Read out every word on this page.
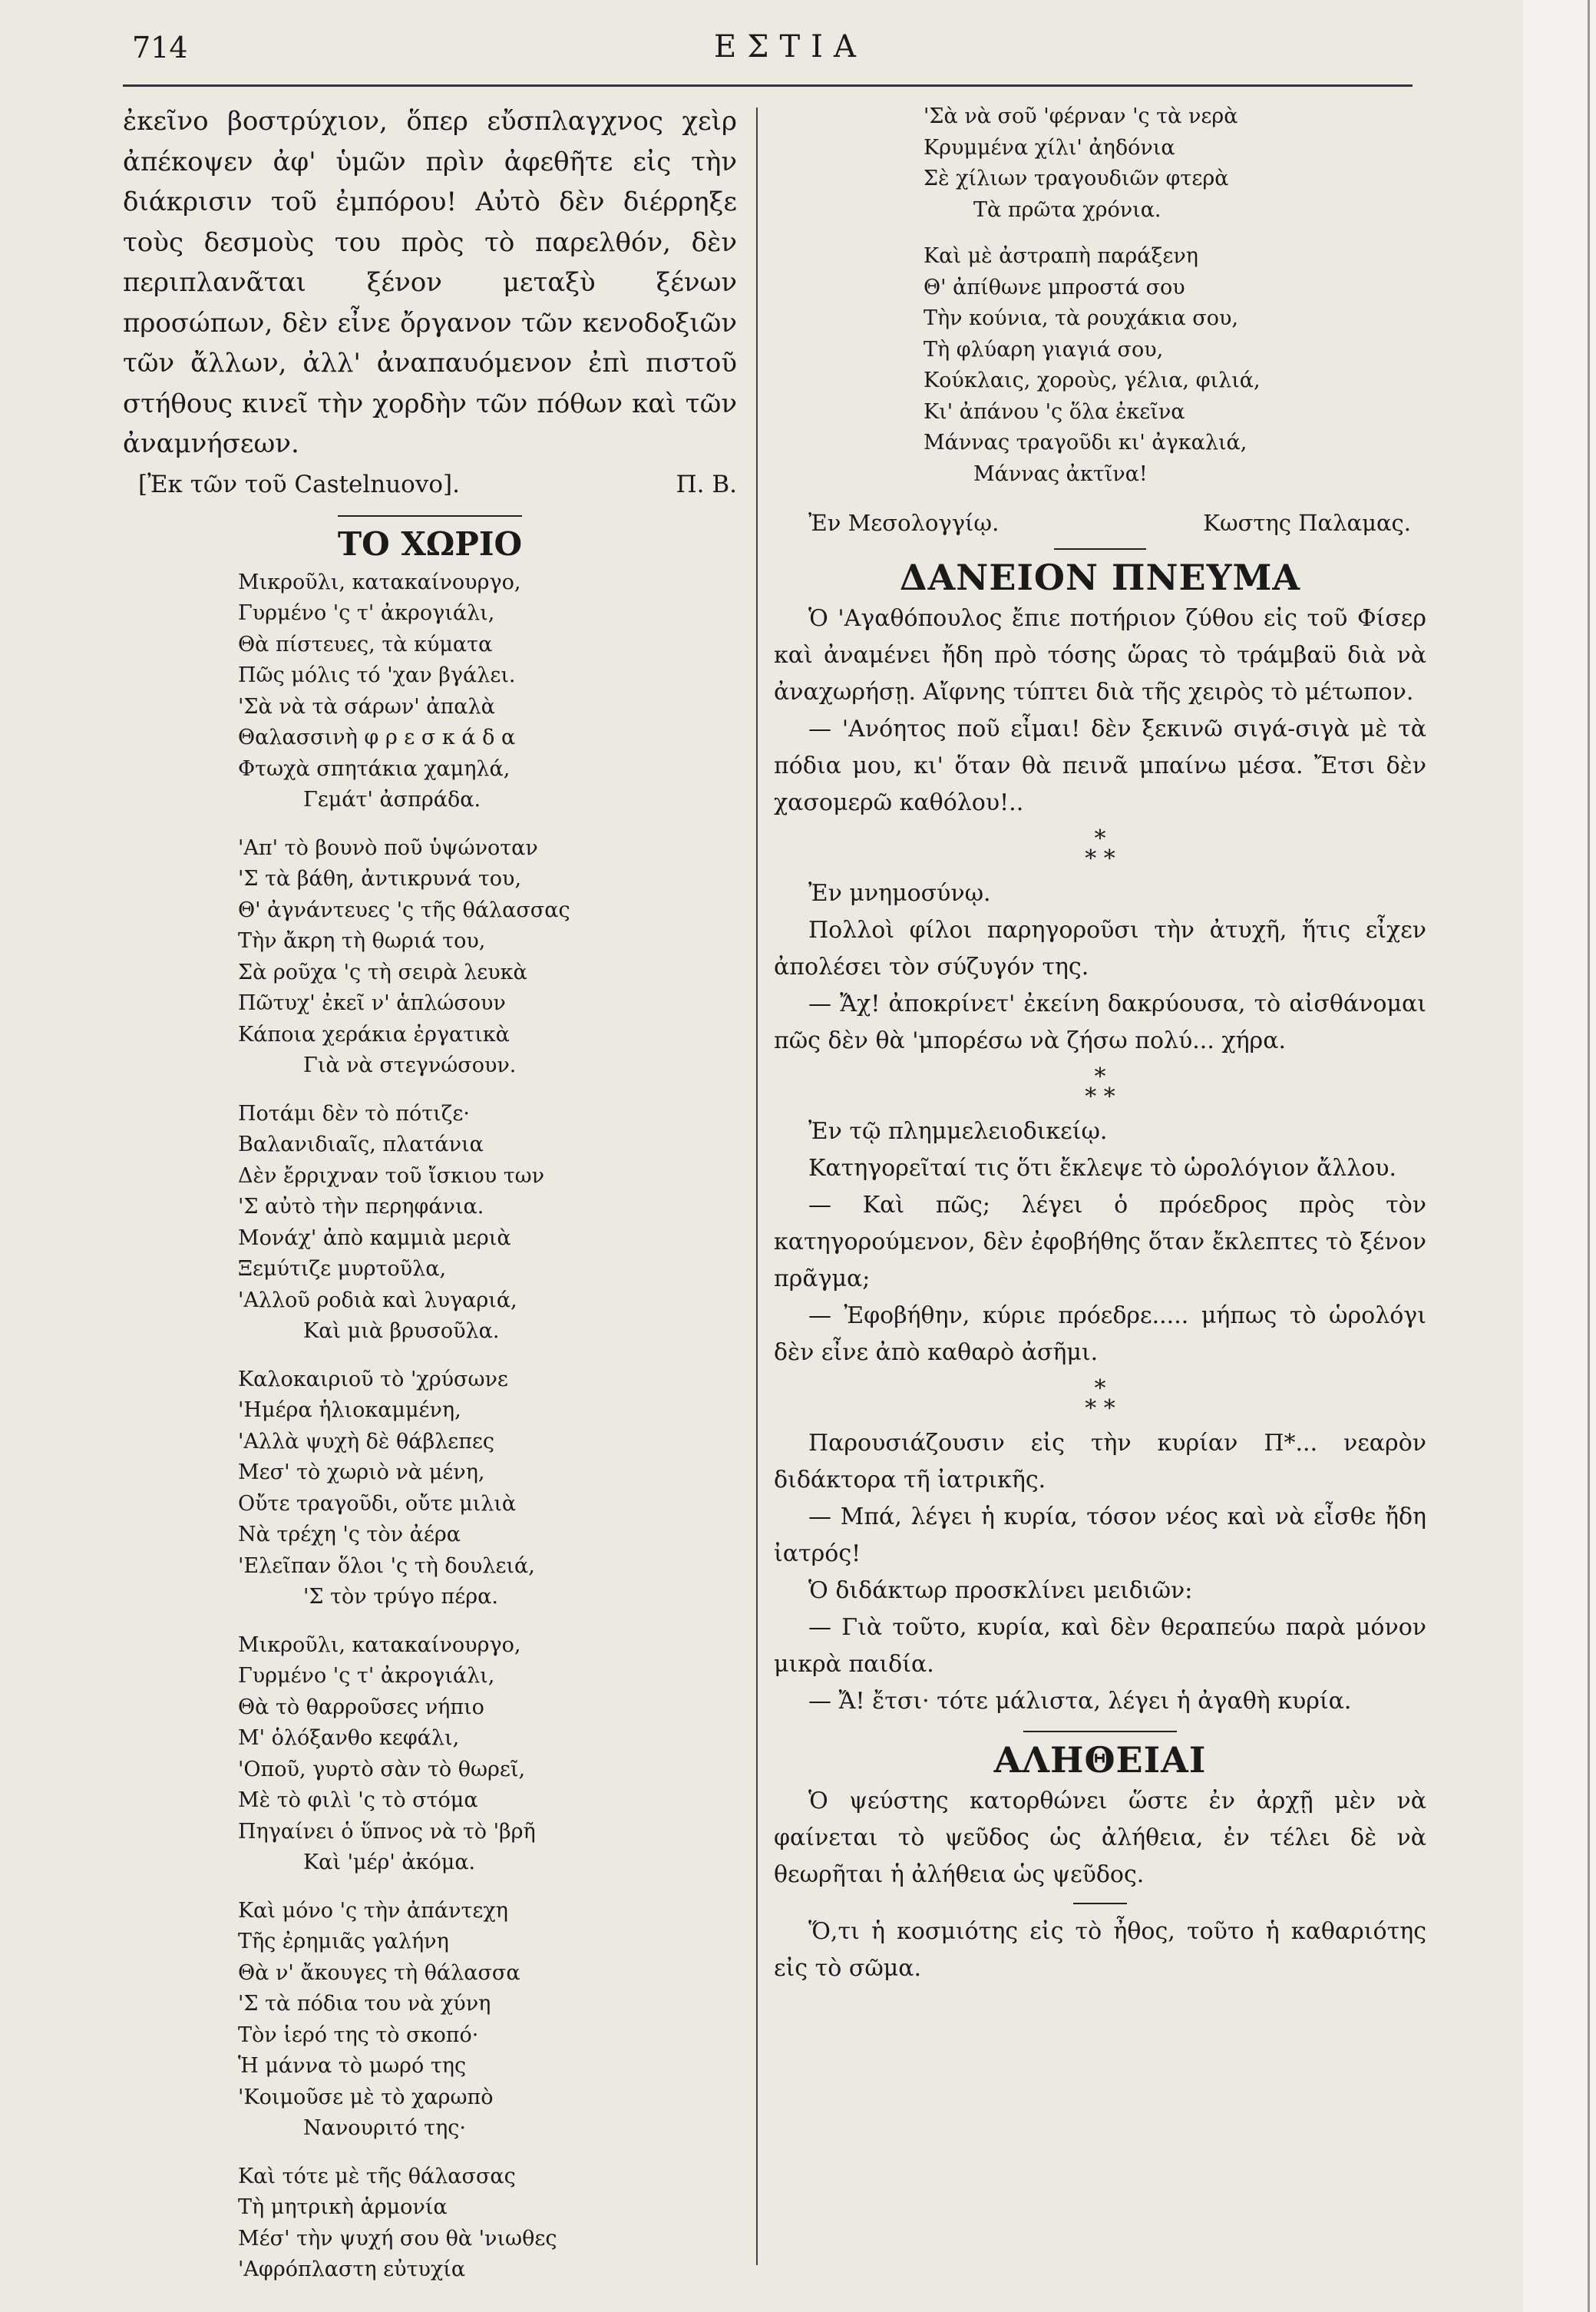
714	ΕΣΤΙΑ

ἐκεῖνο βοστρύχιον, ὅπερ εὔσπλαγχνος χεὶρ ἀπέκοψεν ἀφ' ὑμῶν πρὶν ἀφεθῆτε εἰς τὴν διάκρισιν τοῦ ἐμπόρου! Αὐτὸ δὲν διέρρηξε τοὺς δεσμοὺς του πρὸς τὸ παρελθόν, δὲν περιπλανᾶται ξένον μεταξὺ ξένων προσώπων, δὲν εἶνε ὄργανον τῶν κενοδοξιῶν τῶν ἄλλων, ἀλλ' ἀναπαυόμενον ἐπὶ πιστοῦ στήθους κινεῖ τὴν χορδὴν τῶν πόθων καὶ τῶν ἀναμνήσεων.

[Ἐκ τῶν τοῦ Castelnuovo].	Π. Β.
ΤΟ ΧΩΡΙΟ
Μικροῦλι, κατακαίνουργο,
Γυρμένο 'ς τ' ἀκρογιάλι,
Θὰ πίστευες, τὰ κύματα
Πῶς μόλις τό 'χαν βγάλει.
'Σὰ νὰ τὰ σάρων' ἀπαλὰ
Θαλασσινὴ φ ρ ε σ κ ά δ α
Φτωχὰ σπητάκια χαμηλά,
Γεμάτ' ἀσπράδα.
'Απ' τὸ βουνὸ ποῦ ὑψώνοταν
'Σ τὰ βάθη, ἀντικρυνά του,
Θ' ἀγνάντευες 'ς τῆς θάλασσας
Τὴν ἄκρη τὴ θωριά του,
Σὰ ροῦχα 'ς τὴ σειρὰ λευκὰ
Πῶτυχ' ἐκεῖ ν' ἁπλώσουν
Κάποια χεράκια ἐργατικὰ
Γιὰ νὰ στεγνώσουν.
Ποτάμι δὲν τὸ πότιζε·
Βαλανιδιαῖς, πλατάνια
Δὲν ἔρριχναν τοῦ ἴσκιου των
'Σ αὐτὸ τὴν περηφάνια.
Μονάχ' ἀπὸ καμμιὰ μεριὰ
Ξεμύτιζε μυρτοῦλα,
'Αλλοῦ ροδιὰ καὶ λυγαριά,
Καὶ μιὰ βρυσοῦλα.
Καλοκαιριοῦ τὸ 'χρύσωνε
'Ημέρα ἡλιοκαμμένη,
'Αλλὰ ψυχὴ δὲ θάβλεπες
Μεσ' τὸ χωριὸ νὰ μένη,
Οὔτε τραγοῦδι, οὔτε μιλιὰ
Νὰ τρέχη 'ς τὸν ἀέρα
'Ελεῖπαν ὅλοι 'ς τὴ δουλειά,
'Σ τὸν τρύγο πέρα.
Μικροῦλι, κατακαίνουργο,
Γυρμένο 'ς τ' ἀκρογιάλι,
Θὰ τὸ θαρροῦσες νήπιο
Μ' ὁλόξανθο κεφάλι,
'Οποῦ, γυρτὸ σὰν τὸ θωρεῖ,
Μὲ τὸ φιλὶ 'ς τὸ στόμα
Πηγαίνει ὁ ὕπνος νὰ τὸ 'βρῆ
Καὶ 'μέρ' ἀκόμα.
Καὶ μόνο 'ς τὴν ἀπάντεχη
Τῆς ἐρημιᾶς γαλήνη
Θὰ ν' ἄκουγες τὴ θάλασσα
'Σ τὰ πόδια του νὰ χύνη
Τὸν ἱερό της τὸ σκοπό·
Ἡ μάννα τὸ μωρό της
'Κοιμοῦσε μὲ τὸ χαρωπὸ
Νανουριτό της·
Καὶ τότε μὲ τῆς θάλασσας
Τὴ μητρικὴ ἁρμονία
Μέσ' τὴν ψυχή σου θὰ 'νιωθες
'Αφρόπλαστη εὐτυχία
'Σὰ νὰ σοῦ 'φέρναν 'ς τὰ νερὰ
Κρυμμένα χίλι' ἀηδόνια
Σὲ χίλιων τραγουδιῶν φτερὰ
Τὰ πρῶτα χρόνια.
Καὶ μὲ ἀστραπὴ παράξενη
Θ' ἀπίθωνε μπροστά σου
Τὴν κούνια, τὰ ρουχάκια σου,
Τὴ φλύαρη γιαγιά σου,
Κούκλαις, χοροὺς, γέλια, φιλιά,
Κι' ἀπάνου 'ς ὅλα ἐκεῖνα
Μάννας τραγοῦδι κι' ἀγκαλιά,
Μάννας ἀκτῖνα!
Ἐν Μεσολογγίῳ.	Κωστης Παλαμας.
ΔΑΝΕΙΟΝ ΠΝΕΥΜΑ

Ὁ 'Αγαθόπουλος ἔπιε ποτήριον ζύθου εἰς τοῦ Φίσερ καὶ ἀναμένει ἤδη πρὸ τόσης ὥρας τὸ τράμβαϋ διὰ νὰ ἀναχωρήσῃ. Αἴφνης τύπτει διὰ τῆς χειρὸς τὸ μέτωπον.

— 'Ανόητος ποῦ εἶμαι! δὲν ξεκινῶ σιγά-σιγὰ μὲ τὰ πόδια μου, κι' ὅταν θὰ πεινᾶ μπαίνω μέσα. Ἔτσι δὲν χασομερῶ καθόλου!..

*
* *

Ἐν μνημοσύνῳ.

Πολλοὶ φίλοι παρηγοροῦσι τὴν ἀτυχῆ, ἥτις εἶχεν ἀπολέσει τὸν σύζυγόν της.

— Ἄχ! ἀποκρίνετ' ἐκείνη δακρύουσα, τὸ αἰσθάνομαι πῶς δὲν θὰ 'μπορέσω νὰ ζήσω πολύ... χήρα.

*
* *

Ἐν τῷ πλημμελειοδικείῳ.

Κατηγορεῖταί τις ὅτι ἔκλεψε τὸ ὡρολόγιον ἄλλου.

— Καὶ πῶς; λέγει ὁ πρόεδρος πρὸς τὸν κατηγορούμενον, δὲν ἐφοβήθης ὅταν ἔκλεπτες τὸ ξένον πρᾶγμα;

— Ἐφοβήθην, κύριε πρόεδρε..... μήπως τὸ ὡρολόγι δὲν εἶνε ἀπὸ καθαρὸ ἀσῆμι.

*
* *

Παρουσιάζουσιν εἰς τὴν κυρίαν Π*... νεαρὸν διδάκτορα τῆ ἰατρικῆς.

— Μπά, λέγει ἡ κυρία, τόσον νέος καὶ νὰ εἶσθε ἤδη ἰατρός!

Ὁ διδάκτωρ προσκλίνει μειδιῶν:

— Γιὰ τοῦτο, κυρία, καὶ δὲν θεραπεύω παρὰ μόνον μικρὰ παιδία.

— Ἄ! ἔτσι· τότε μάλιστα, λέγει ἡ ἀγαθὴ κυρία.

ΑΛΗΘΕΙΑΙ

Ὁ ψεύστης κατορθώνει ὥστε ἐν ἀρχῇ μὲν νὰ φαίνεται τὸ ψεῦδος ὡς ἀλήθεια, ἐν τέλει δὲ νὰ θεωρῆται ἡ ἀλήθεια ὡς ψεῦδος.

Ὅ,τι ἡ κοσμιότης εἰς τὸ ἦθος, τοῦτο ἡ καθαριότης εἰς τὸ σῶμα.
